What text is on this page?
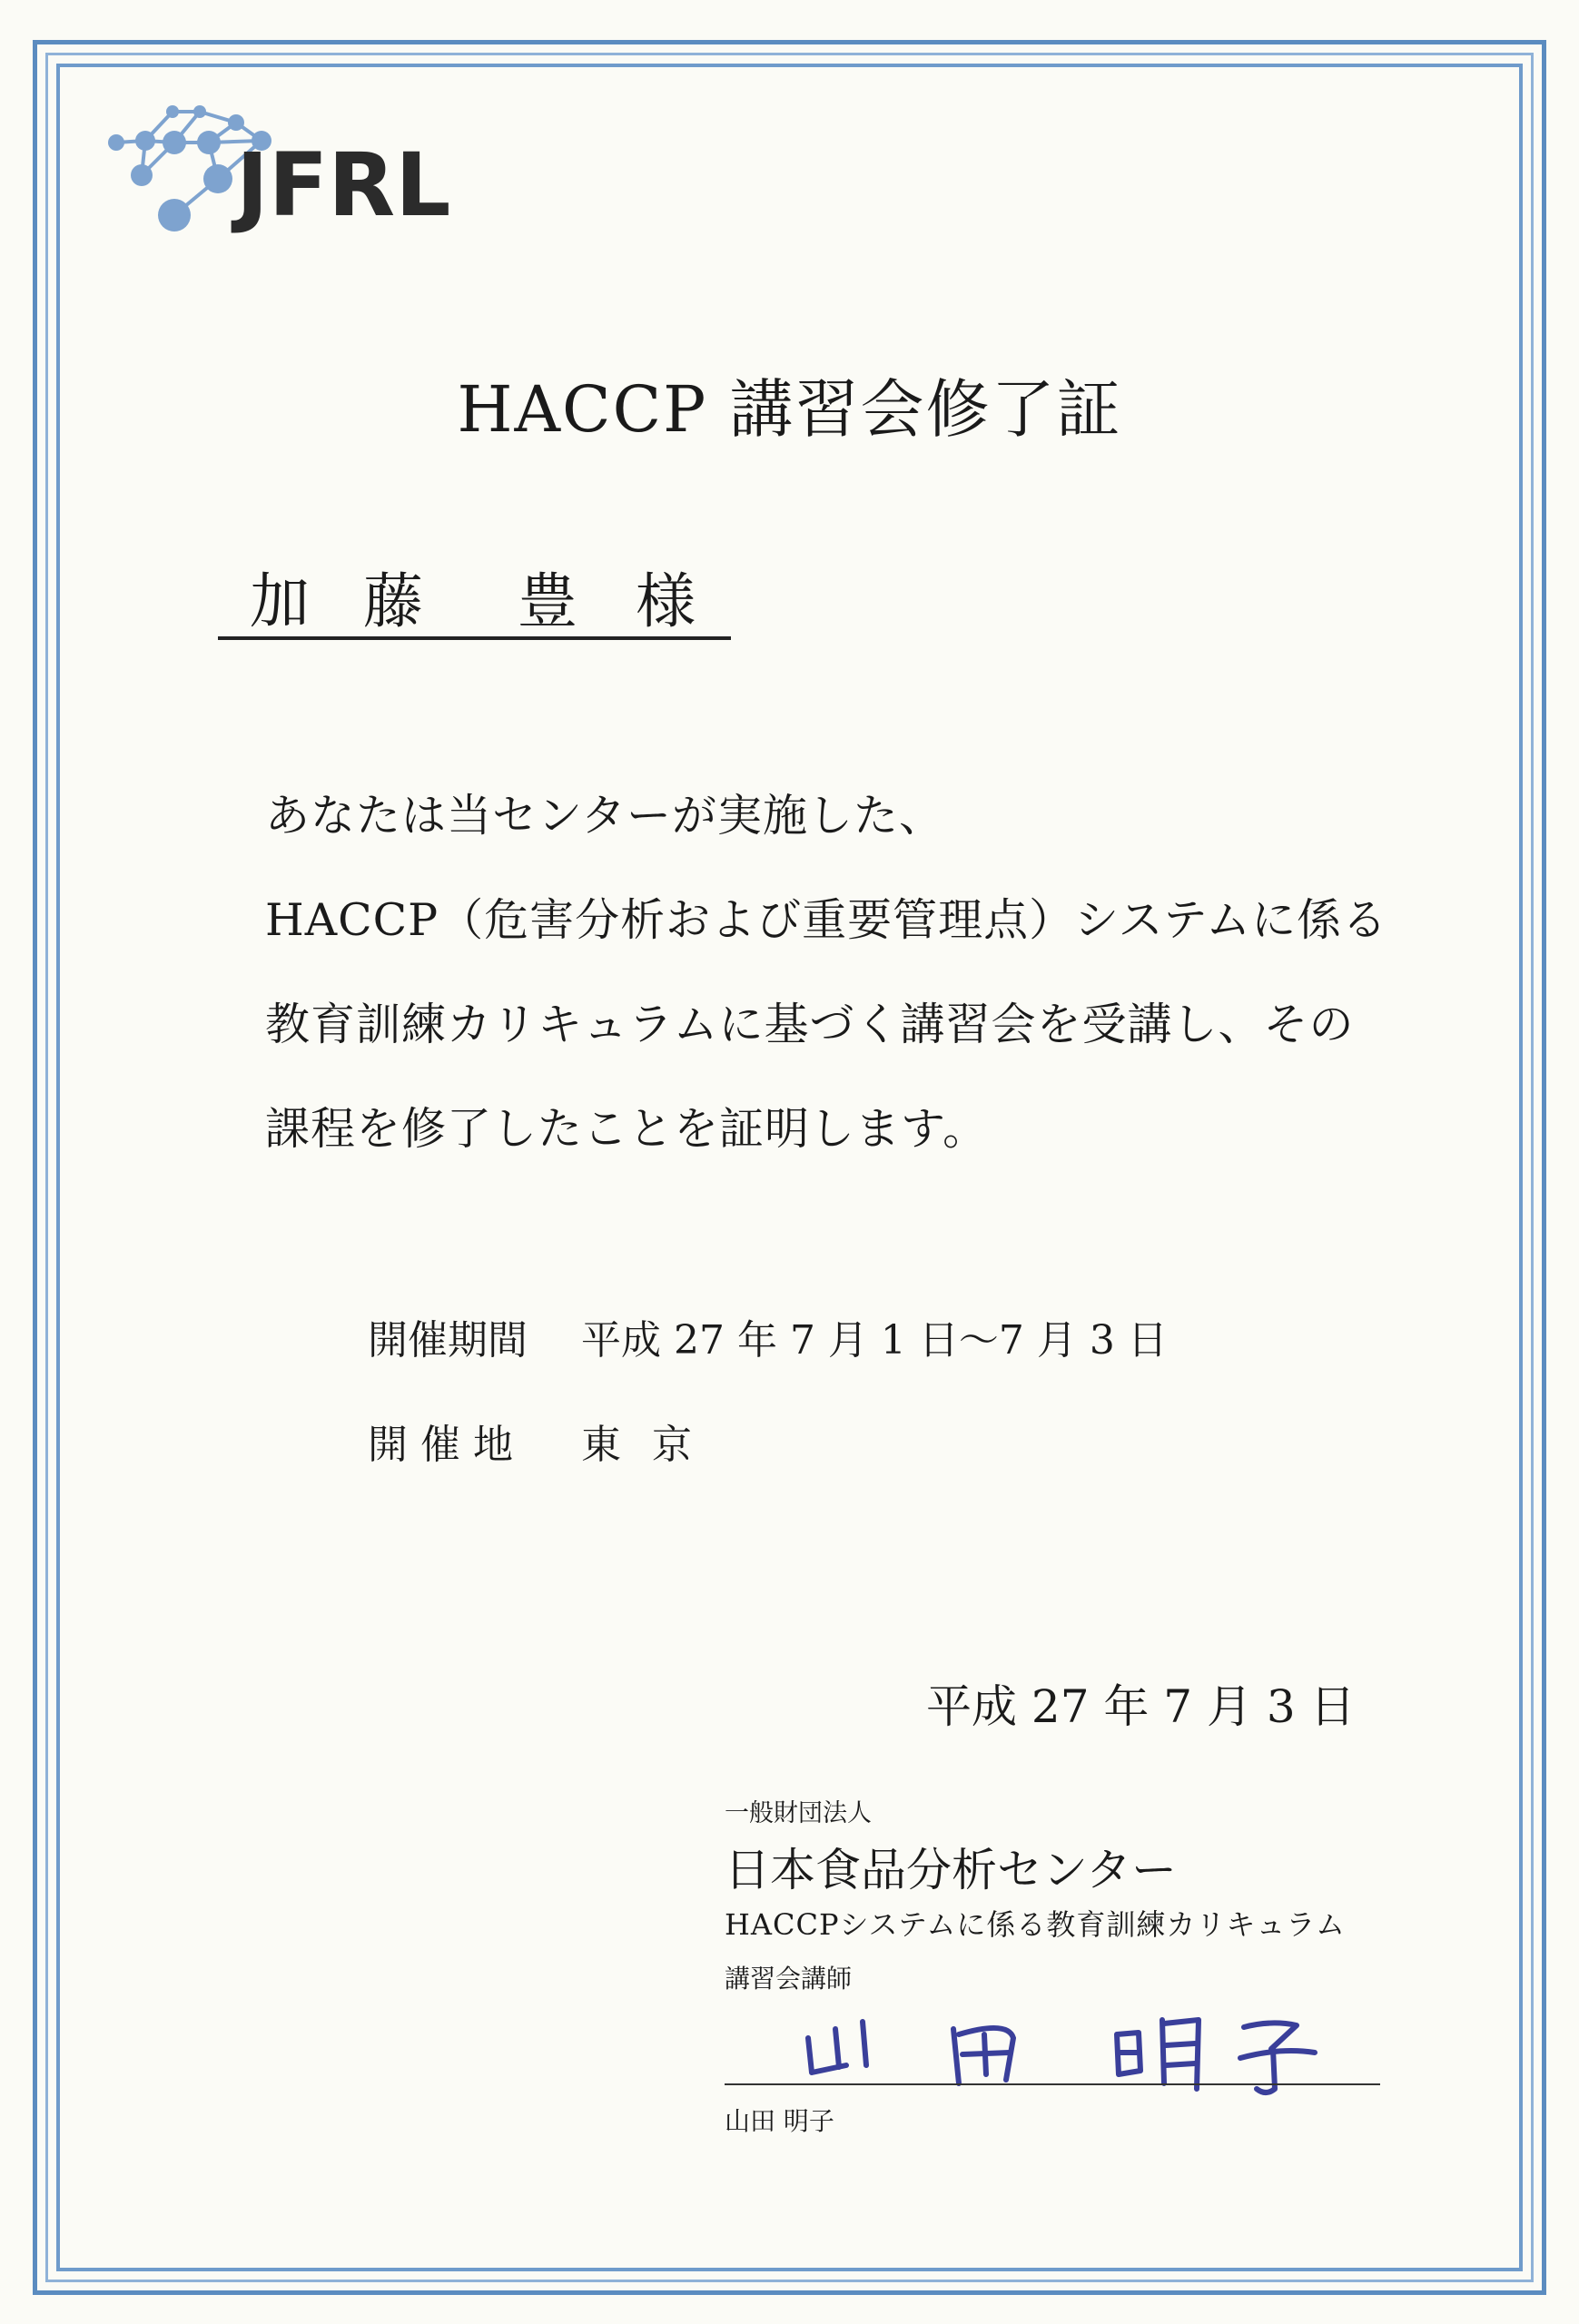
JFRL
HACCP 講習会修了証
加 藤 豊 様
あなたは当センターが実施した、
HACCP（危害分析および重要管理点）システムに係る
教育訓練カリキュラムに基づく講習会を受講し、その
課程を修了したことを証明します。
開催期間 平成 27 年 7 月 1 日〜7 月 3 日
開催地 東京
平成 27 年 7 月 3 日
一般財団法人
日本食品分析センター
HACCPシステムに係る教育訓練カリキュラム
講習会講師
山田 明子
